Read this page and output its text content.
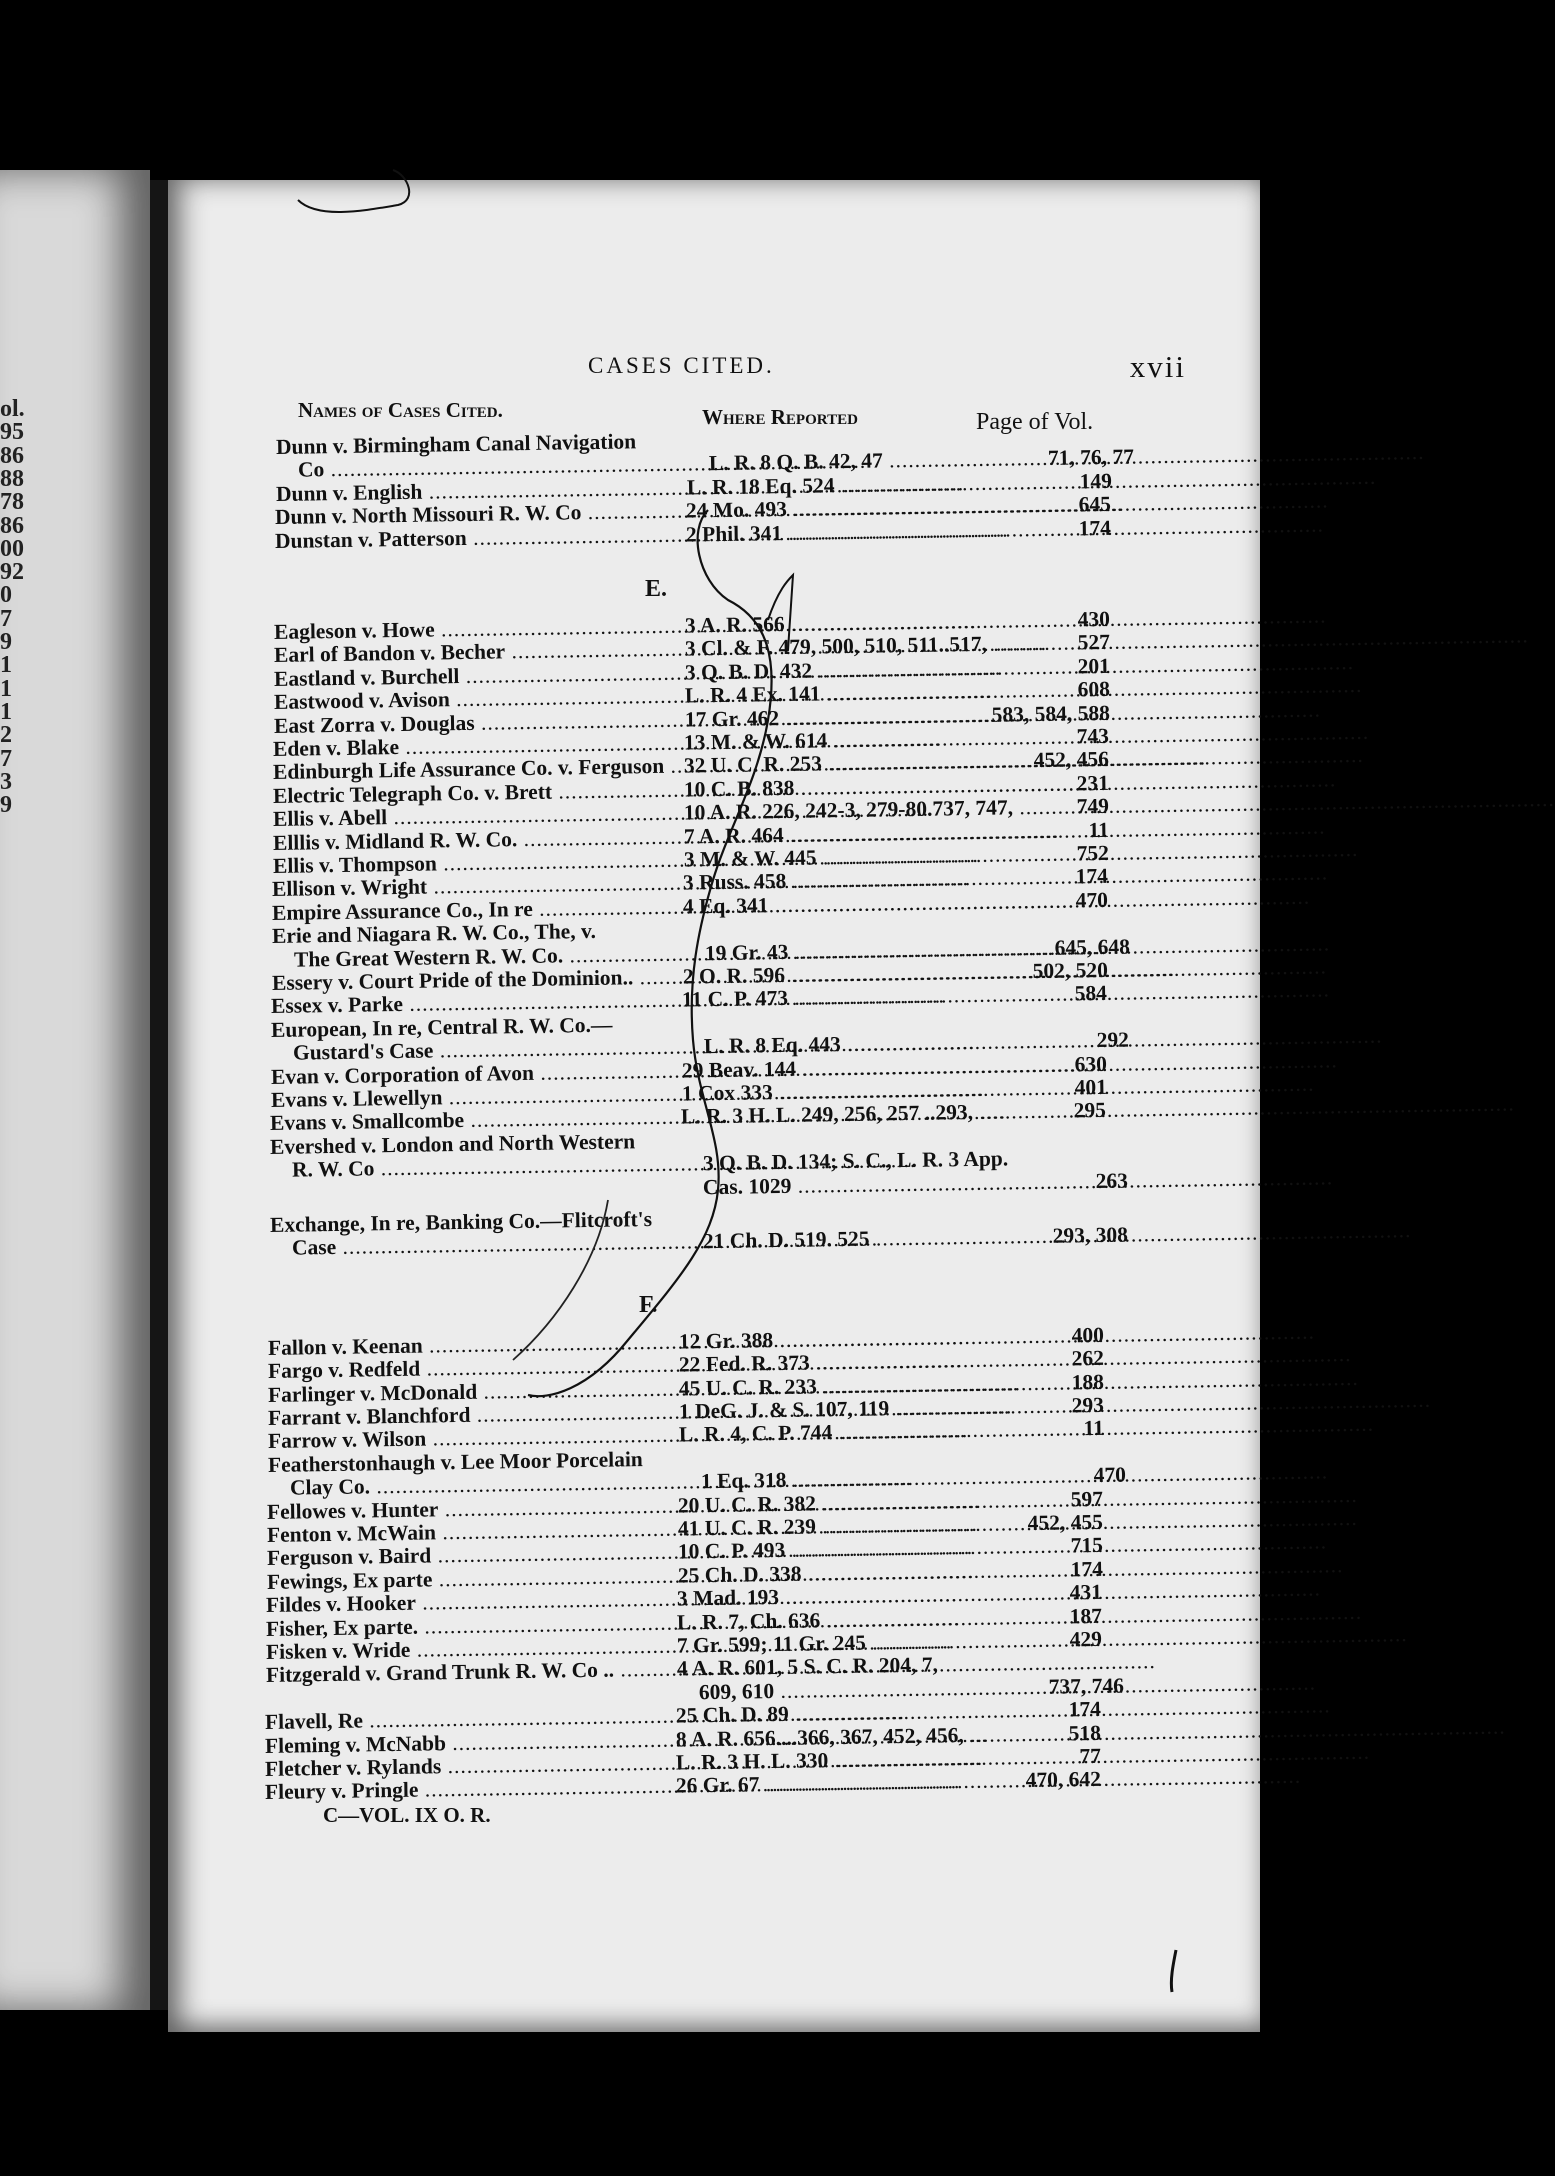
ol.
95
86
88
78
86
00
92
0
7
9
1
1
1
2
7
3
9
CASES CITED.	xvii
Names of Cases Cited.	Where Reported	Page of Vol.
Dunn v. Birmingham Canal Navigation
Co .....	L. R. 8 Q. B. 42, 47 .....	71, 76, 77
Dunn v. English .....	L. R. 18 Eq. 524 .....	149
Dunn v. North Missouri R. W. Co .....	24 Mo. 493 .....	645
Dunstan v. Patterson .....	2 Phil. 341 .....	174
E.
Eagleson v. Howe .....	3 A. R. 566 .....	430
Earl of Bandon v. Becher .....	3 Cl. & F. 479, 500, 510, 511..517, .....	527
Eastland v. Burchell .....	3 Q. B. D. 432 .....	201
Eastwood v. Avison .....	L. R. 4 Ex. 141 .....	608
East Zorra v. Douglas .....	17 Gr. 462 .....	583, 584, 588
Eden v. Blake .....	13 M. & W. 614 .....	743
Edinburgh Life Assurance Co. v. Ferguson ..... 32 U. C. R. 253 .....	452, 456
Electric Telegraph Co. v. Brett .....	10 C. B. 838 .....	231
Ellis v. Abell .....	10 A. R. 226, 242-3, 279-80.737, 747, .....	749
Elllis v. Midland R. W. Co. .....	7 A. R. 464 .....	11
Ellis v. Thompson .....	3 M. & W. 445 .....	752
Ellison v. Wright .....	3 Russ. 458 .....	174
Empire Assurance Co., In re .....	4 Eq. 341 .....	470
Erie and Niagara R. W. Co., The, v.
The Great Western R. W. Co. .....	19 Gr. 43 .....	645, 648
Essery v. Court Pride of the Dominion.. .....	2 O. R. 596 .....	502, 520
Essex v. Parke .....	11 C. P. 473 .....	584
European, In re, Central R. W. Co.—
Gustard's Case .....	L. R. 8 Eq. 443 .....	292
Evan v. Corporation of Avon .....	29 Beav. 144 .....	630
Evans v. Llewellyn .....	1 Cox 333 .....	401
Evans v. Smallcombe .....	L. R. 3 H. L. 249, 256, 257 ..293, .....	295
Evershed v. London and North Western
R. W. Co .....	3 Q. B. D. 134; S. C., L. R. 3 App.
Cas. 1029 .....	263
Exchange, In re, Banking Co.—Flitcroft's
Case .....	21 Ch. D. 519. 525 .....	293, 308
F.
Fallon v. Keenan .....	12 Gr. 388 .....	400
Fargo v. Redfeld .....	22 Fed. R. 373 .....	262
Farlinger v. McDonald .....	45 U. C. R. 233 .....	188
Farrant v. Blanchford .....	1 DeG. J. & S. 107, 119 .....	293
Farrow v. Wilson .....	L. R. 4, C. P. 744 .....	11
Featherstonhaugh v. Lee Moor Porcelain
Clay Co. .....	1 Eq. 318 .....	470
Fellowes v. Hunter .....	20 U. C. R. 382 .....	597
Fenton v. McWain .....	41 U. C. R. 239 .....	452, 455
Ferguson v. Baird .....	10 C. P. 493 .....	715
Fewings, Ex parte .....	25 Ch. D. 338 .....	174
Fildes v. Hooker .....	3 Mad. 193 .....	431
Fisher, Ex parte. .....	L. R. 7, Ch. 636 .....	187
Fisken v. Wride .....	7 Gr. 599; 11 Gr. 245 .....	429
Fitzgerald v. Grand Trunk R. W. Co .. .....	4 A. R. 601, 5 S. C. R. 204, 7,
609, 610 .....	737, 746
Flavell, Re .....	25 Ch. D. 89 .....	174
Fleming v. McNabb .....	8 A. R. 656....366, 367, 452, 456, .....	518
Fletcher v. Rylands .....	L. R. 3 H. L. 330 .....	77
Fleury v. Pringle .....	26 Gr. 67 .....	470, 642
C—VOL. IX O. R.
